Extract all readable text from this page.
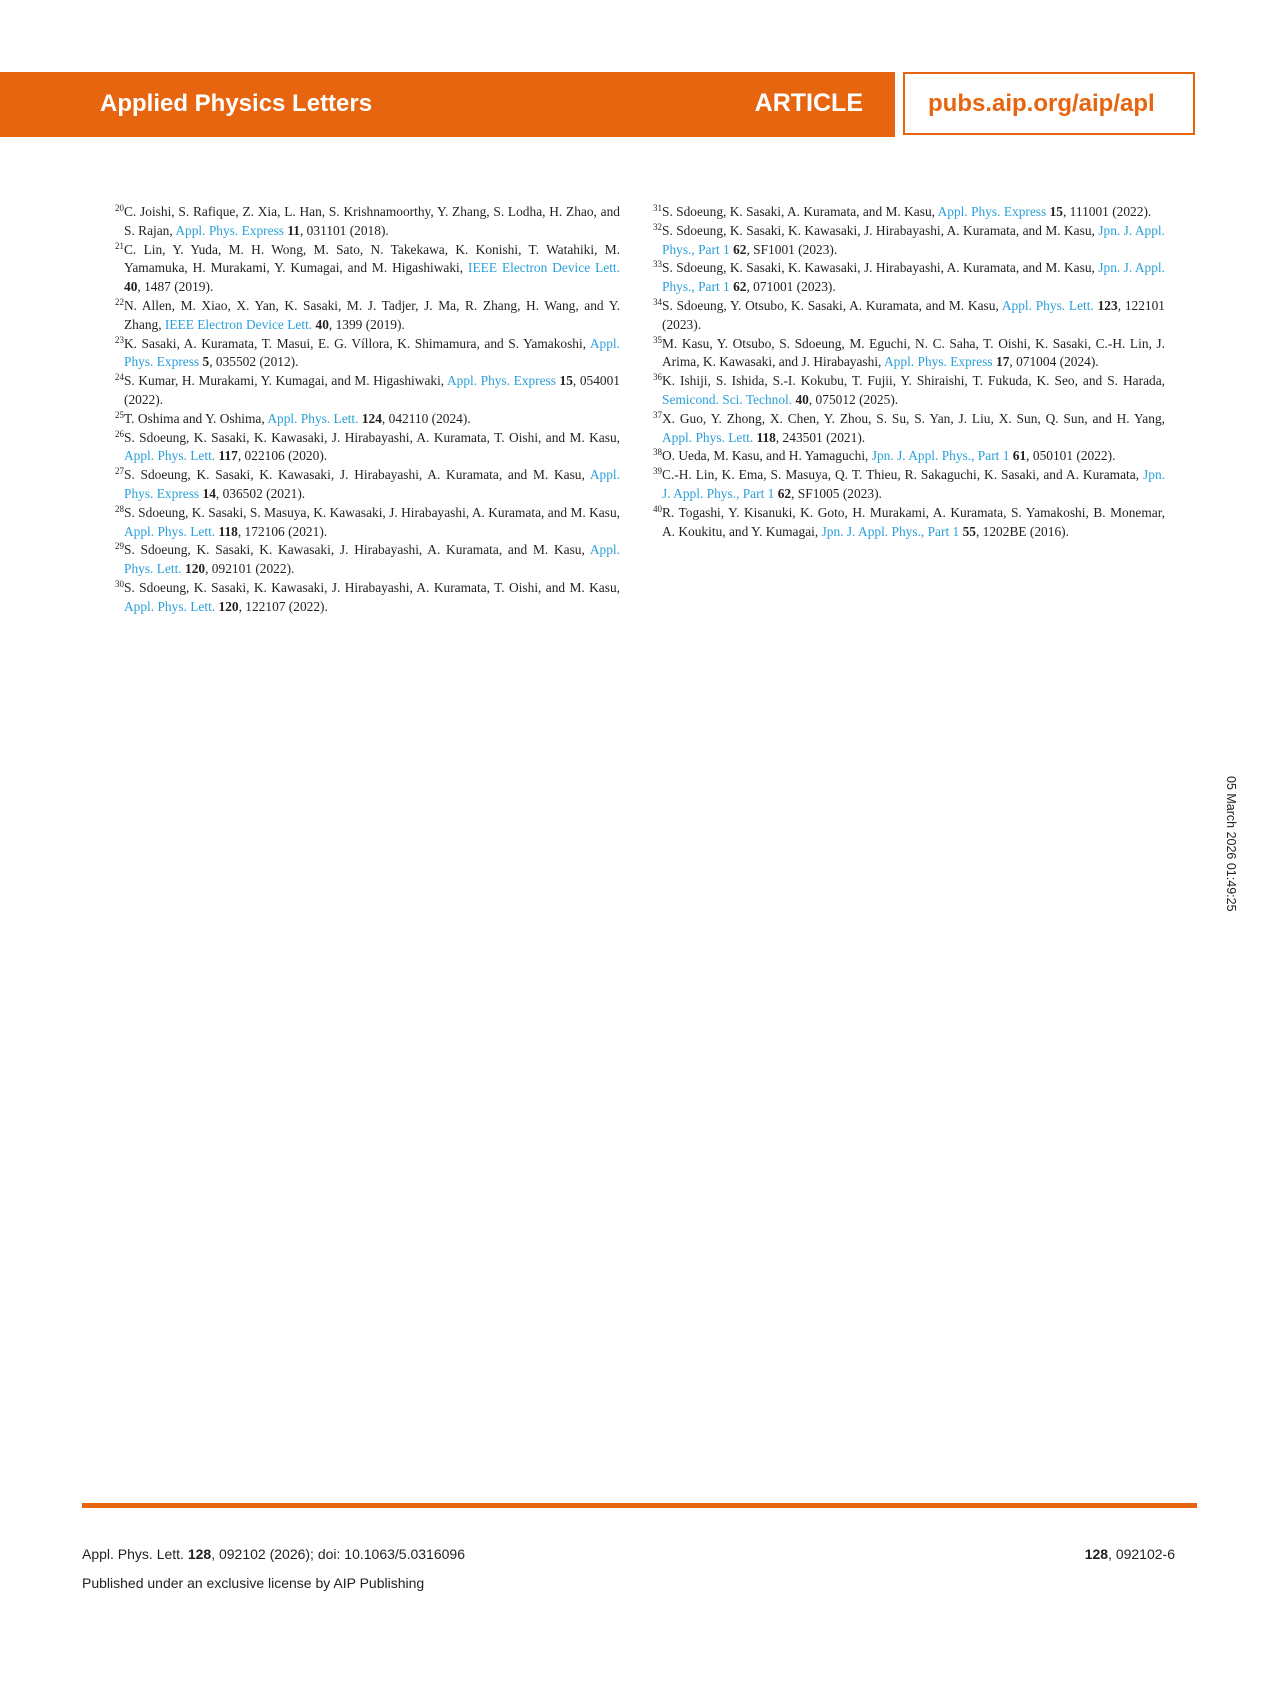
Applied Physics Letters	ARTICLE	pubs.aip.org/aip/apl

$^{20}$C. Joishi, S. Rafique, Z. Xia, L. Han, S. Krishnamoorthy, Y. Zhang, S. Lodha, H. Zhao, and S. Rajan, Appl. Phys. Express 11, 031101 (2018).

$^{21}$C. Lin, Y. Yuda, M. H. Wong, M. Sato, N. Takekawa, K. Konishi, T. Watahiki, M. Yamamuka, H. Murakami, Y. Kumagai, and M. Higashiwaki, IEEE Electron Device Lett. 40, 1487 (2019).

$^{22}$N. Allen, M. Xiao, X. Yan, K. Sasaki, M. J. Tadjer, J. Ma, R. Zhang, H. Wang, and Y. Zhang, IEEE Electron Device Lett. 40, 1399 (2019).

$^{23}$K. Sasaki, A. Kuramata, T. Masui, E. G. Víllora, K. Shimamura, and S. Yamakoshi, Appl. Phys. Express 5, 035502 (2012).

$^{24}$S. Kumar, H. Murakami, Y. Kumagai, and M. Higashiwaki, Appl. Phys. Express 15, 054001 (2022).

$^{25}$T. Oshima and Y. Oshima, Appl. Phys. Lett. 124, 042110 (2024).

$^{26}$S. Sdoeung, K. Sasaki, K. Kawasaki, J. Hirabayashi, A. Kuramata, T. Oishi, and M. Kasu, Appl. Phys. Lett. 117, 022106 (2020).

$^{27}$S. Sdoeung, K. Sasaki, K. Kawasaki, J. Hirabayashi, A. Kuramata, and M. Kasu, Appl. Phys. Express 14, 036502 (2021).

$^{28}$S. Sdoeung, K. Sasaki, S. Masuya, K. Kawasaki, J. Hirabayashi, A. Kuramata, and M. Kasu, Appl. Phys. Lett. 118, 172106 (2021).

$^{29}$S. Sdoeung, K. Sasaki, K. Kawasaki, J. Hirabayashi, A. Kuramata, and M. Kasu, Appl. Phys. Lett. 120, 092101 (2022).

$^{30}$S. Sdoeung, K. Sasaki, K. Kawasaki, J. Hirabayashi, A. Kuramata, T. Oishi, and M. Kasu, Appl. Phys. Lett. 120, 122107 (2022).

$^{31}$S. Sdoeung, K. Sasaki, A. Kuramata, and M. Kasu, Appl. Phys. Express 15, 111001 (2022).

$^{32}$S. Sdoeung, K. Sasaki, K. Kawasaki, J. Hirabayashi, A. Kuramata, and M. Kasu, Jpn. J. Appl. Phys., Part 1 62, SF1001 (2023).

$^{33}$S. Sdoeung, K. Sasaki, K. Kawasaki, J. Hirabayashi, A. Kuramata, and M. Kasu, Jpn. J. Appl. Phys., Part 1 62, 071001 (2023).

$^{34}$S. Sdoeung, Y. Otsubo, K. Sasaki, A. Kuramata, and M. Kasu, Appl. Phys. Lett. 123, 122101 (2023).

$^{35}$M. Kasu, Y. Otsubo, S. Sdoeung, M. Eguchi, N. C. Saha, T. Oishi, K. Sasaki, C.-H. Lin, J. Arima, K. Kawasaki, and J. Hirabayashi, Appl. Phys. Express 17, 071004 (2024).

$^{36}$K. Ishiji, S. Ishida, S.-I. Kokubu, T. Fujii, Y. Shiraishi, T. Fukuda, K. Seo, and S. Harada, Semicond. Sci. Technol. 40, 075012 (2025).

$^{37}$X. Guo, Y. Zhong, X. Chen, Y. Zhou, S. Su, S. Yan, J. Liu, X. Sun, Q. Sun, and H. Yang, Appl. Phys. Lett. 118, 243501 (2021).

$^{38}$O. Ueda, M. Kasu, and H. Yamaguchi, Jpn. J. Appl. Phys., Part 1 61, 050101 (2022).

$^{39}$C.-H. Lin, K. Ema, S. Masuya, Q. T. Thieu, R. Sakaguchi, K. Sasaki, and A. Kuramata, Jpn. J. Appl. Phys., Part 1 62, SF1005 (2023).

$^{40}$R. Togashi, Y. Kisanuki, K. Goto, H. Murakami, A. Kuramata, S. Yamakoshi, B. Monemar, A. Koukitu, and Y. Kumagai, Jpn. J. Appl. Phys., Part 1 55, 1202BE (2016).

05 March 2026 01:49:25
Appl. Phys. Lett. 128, 092102 (2026); doi: 10.1063/5.0316096
Published under an exclusive license by AIP Publishing
128, 092102-6
